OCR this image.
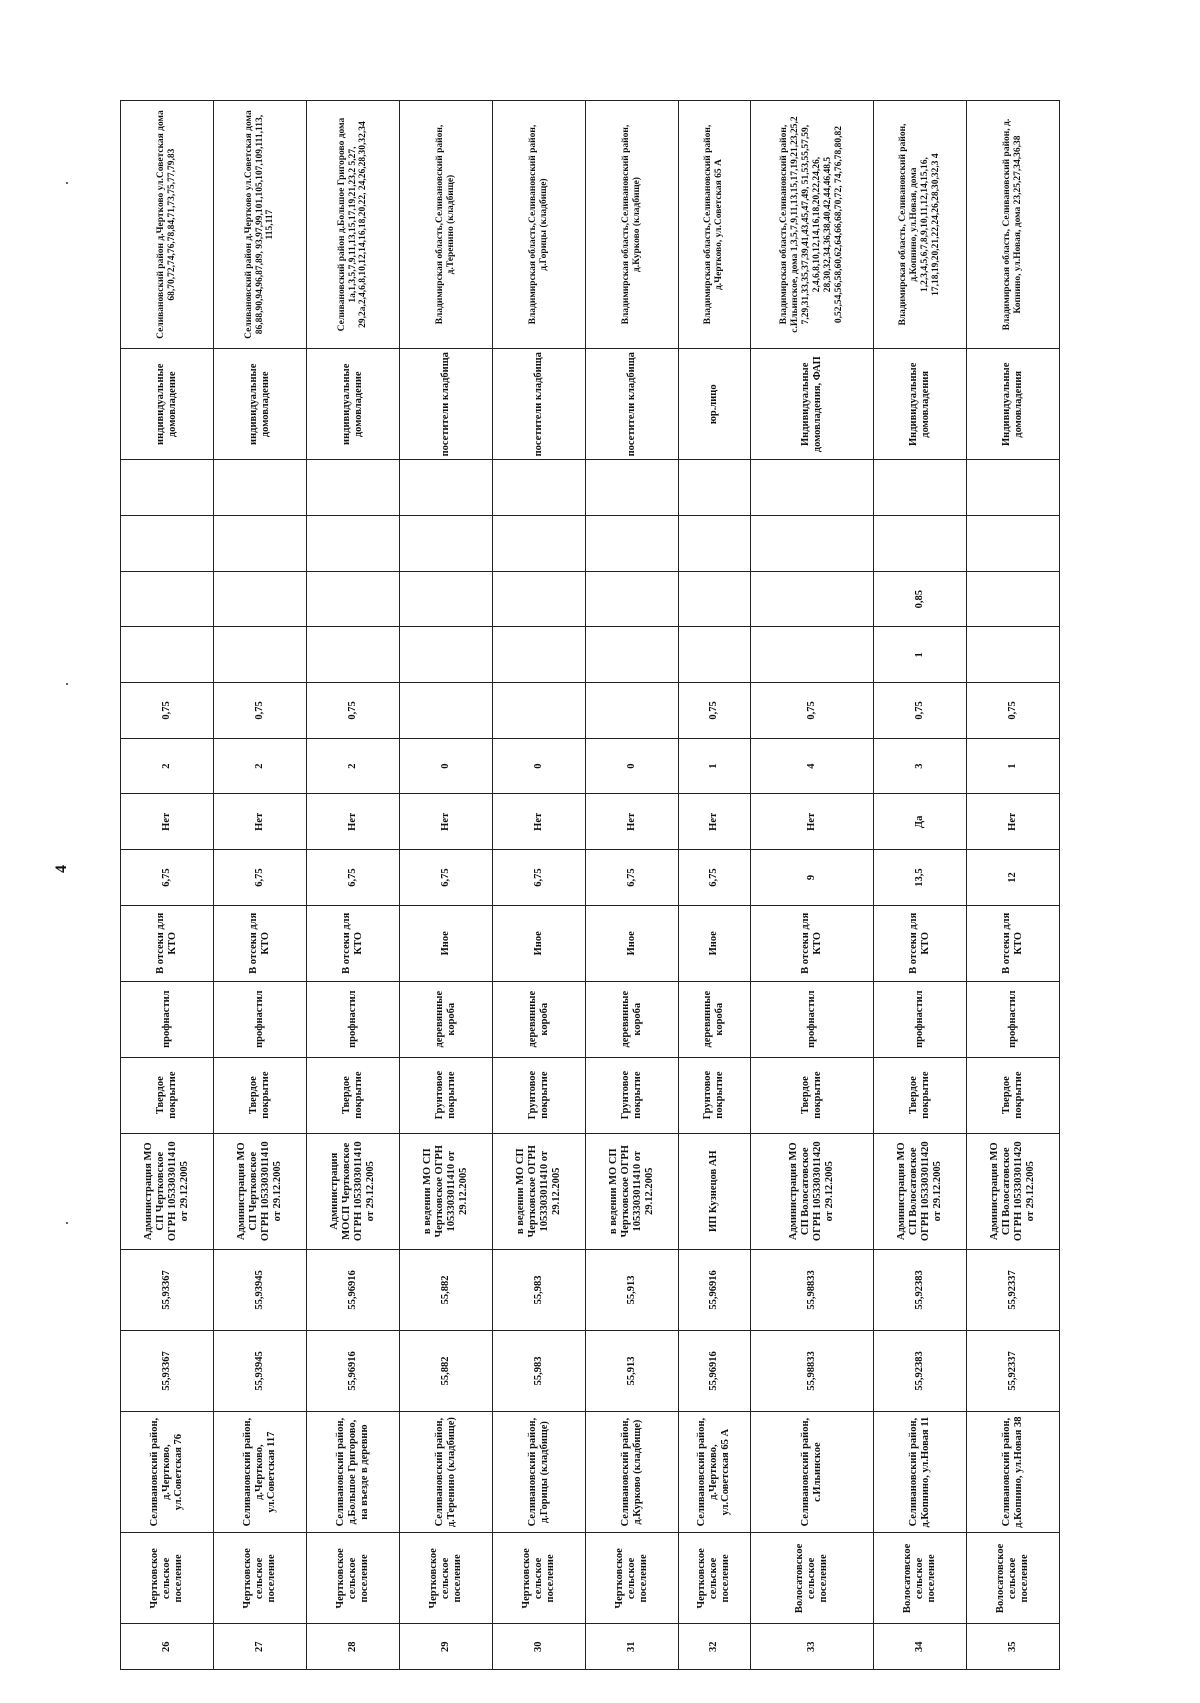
4
26	Чертковское сельское поселение	Селивановский район, д.Чертково, ул.Советская 76	55,93367	55,93367	Администрация МО СП Чертковское ОГРН 1053303011410 от 29.12.2005	Твердое покрытие	профнастил	В отсеки для КТО	6,75	Нет	2	0,75					индивидуальные домовладение	Селивановский район д.Чертково ул.Советская дома 68,70,72,74,76,78,84,71,73,75,77,79,83
27	Чертковское сельское поселение	Селивановский район, д.Чертково, ул.Советская 117	55,93945	55,93945	Администрация МО СП Чертковское ОГРН 1053303011410 от 29.12.2005	Твердое покрытие	профнастил	В отсеки для КТО	6,75	Нет	2	0,75					индивидуальные домовладение	Селивановский район д.Чертково ул.Советская дома 86,88,90,94,96,87,89, 93,97,99,101,105,107,109,111,113, 115,117
28	Чертковское сельское поселение	Селивановский район, д.Большое Григорово, на въезде в деревню	55,96916	55,96916	Администрация МОСП Чертковское ОГРН 1053303011410 от 29.12.2005	Твердое покрытие	профнастил	В отсеки для КТО	6,75	Нет	2	0,75					индивидуальные домовладение	Селивановский район д.Большое Григорово дома 1а,1,3,5,7,9,11,13,15,17,19,21,23,2 5,27, 29,2а,2,4,6,8,10,12,14,16,18,20,22, 24,26,28,30,32,34
29	Чертковское сельское поселение	Селивановский район, д.Теренино (кладбище)	55,882	55,882	в ведении МО СП Чертковское ОГРН 1053303011410 от 29.12.2005	Грунтовое покрытие	деревянные короба	Иное	6,75	Нет	0						посетители кладбища	Владимирская область,Селивановский район, д.Теренино (кладбище)
30	Чертковское сельское поселение	Селивановский район, д.Горицы (кладбище)	55,983	55,983	в ведении МО СП Чертковское ОГРН 1053303011410 от 29.12.2005	Грунтовое покрытие	деревянные короба	Иное	6,75	Нет	0						посетители кладбища	Владимирская область,Селивановский район, д.Горицы (кладбище)
31	Чертковское сельское поселение	Селивановский район, д.Курково (кладбище)	55,913	55,913	в ведении МО СП Чертковское ОГРН 1053303011410 от 29.12.2005	Грунтовое покрытие	деревянные короба	Иное	6,75	Нет	0						посетители кладбища	Владимирская область,Селивановский район, д.Курково (кладбище)
32	Чертковское сельское поселение	Селивановский район, д.Чертково, ул.Советская 65 А	55,96916	55,96916	ИП Кузнецов АН	Грунтовое покрытие	деревянные короба	Иное	6,75	Нет	1	0,75					юр.лицо	Владимирская область,Селивановский район, д.Чертково, ул.Советская 65 А
33	Волосатовское сельское поселение	Селивановский район, с.Ильинское	55,98833	55,98833	Администрация МО СП Волосатовское ОГРН 1053303011420 от 29.12.2005	Твердое покрытие	профнастил	В отсеки для КТО	9	Нет	4	0,75					Индивидуальные домовладения, ФАП	Владимирская область,Селивановский район, с.Ильинское, дома 1,3,5,7,9,11,13,15,17,19,21,23,25,2 7,29,31,33,35,37,39,41,43,45,47,49, 51,53,55,57,59, 2,4,6,8,10,12,14,16,18,20,22,24,26, 28,30,32,34,36,38,40,42,44,46,48,5 0,52,54,56,58,60,62,64,66,68,70,72, 74,76,78,80,82
34	Волосатовское сельское поселение	Селивановский район, д.Копнино, ул.Новая 11	55,92383	55,92383	Администрация МО СП Волосатовское ОГРН 1053303011420 от 29.12.2005	Твердое покрытие	профнастил	В отсеки для КТО	13,5	Да	3	0,75	1	0,85			Индивидуальные домовладения	Владимирская область, Селивановский район, д.Копнино, ул.Новая, дома 1,2,3,4,5,6,7,8,9,10,11,12,14,15,16, 17,18,19,20,21,22,24,26,28,30,32,3 4
35	Волосатовское сельское поселение	Селивановский район, д.Копнино, ул.Новая 38	55,92337	55,92337	Администрация МО СП Волосатовское ОГРН 1053303011420 от 29.12.2005	Твердое покрытие	профнастил	В отсеки для КТО	12	Нет	1	0,75					Индивидуальные домовладения	Владимирская область, Селивановский район, д. Копнино, ул.Новая, дома 23,25,27,34,36,38
